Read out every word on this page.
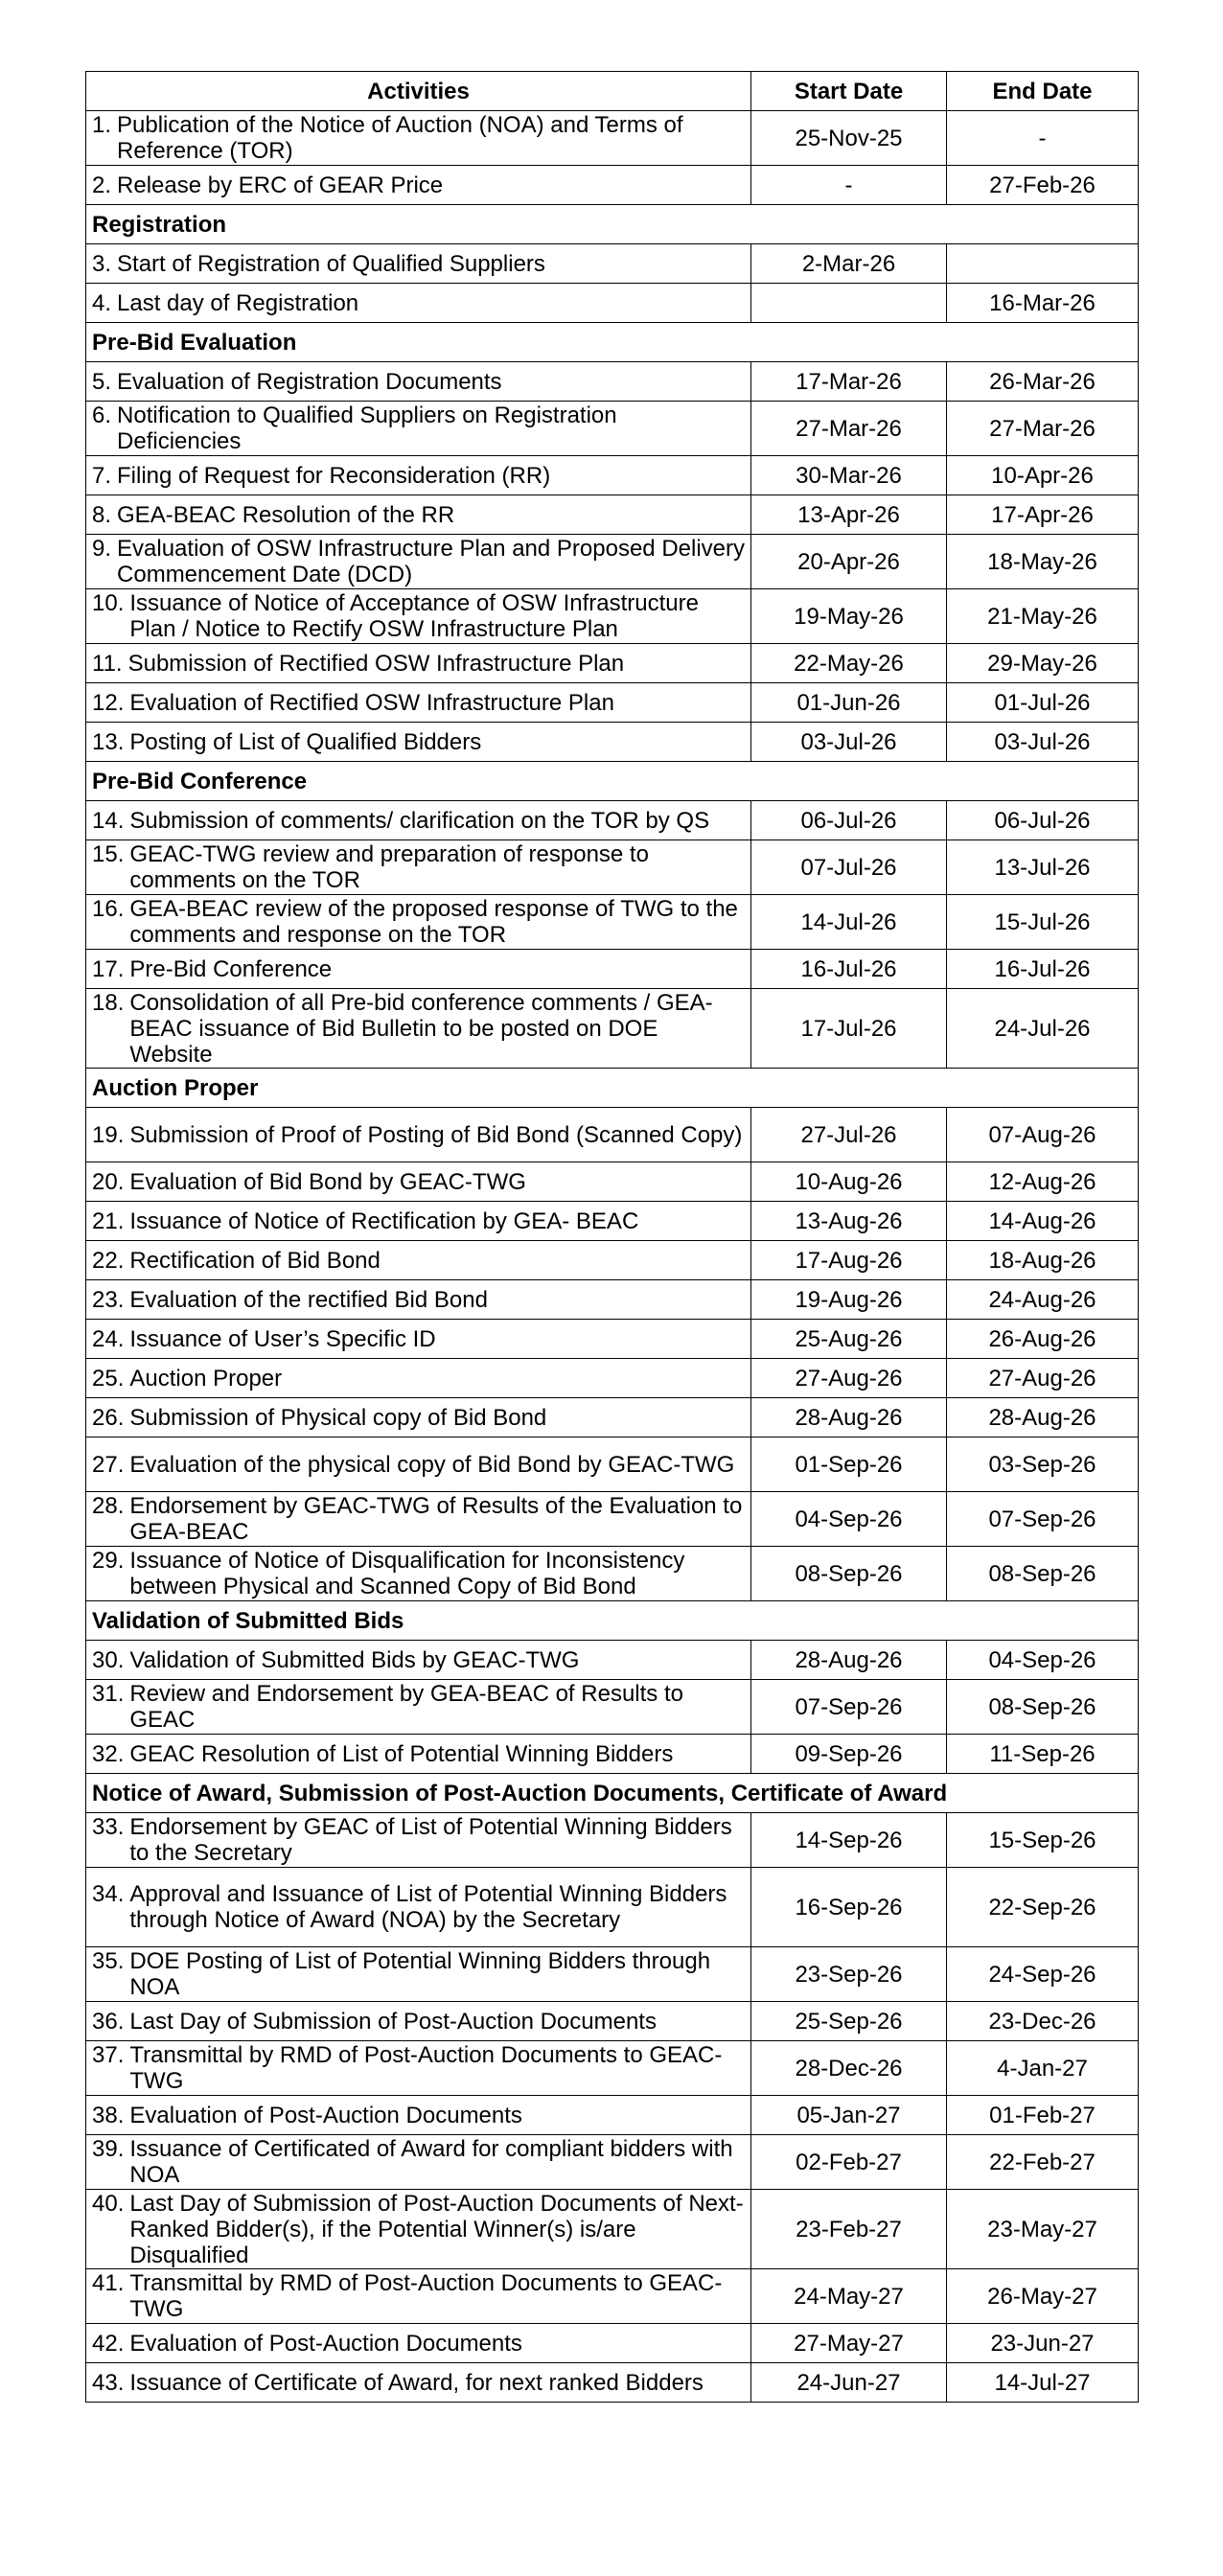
Activities	Start Date	End Date

1. Publication of the Notice of Auction (NOA) and Terms of Reference (TOR)	25-Nov-25	-

2. Release by ERC of GEAR Price	-	27-Feb-26
Registration		

3. Start of Registration of Qualified Suppliers	2-Mar-26	

4. Last day of Registration		16-Mar-26
Pre-Bid Evaluation		

5. Evaluation of Registration Documents	17-Mar-26	26-Mar-26

6. Notification to Qualified Suppliers on Registration Deficiencies	27-Mar-26	27-Mar-26

7. Filing of Request for Reconsideration (RR)	30-Mar-26	10-Apr-26

8. GEA-BEAC Resolution of the RR	13-Apr-26	17-Apr-26

9. Evaluation of OSW Infrastructure Plan and Proposed Delivery Commencement Date (DCD)	20-Apr-26	18-May-26

10. Issuance of Notice of Acceptance of OSW Infrastructure Plan / Notice to Rectify OSW Infrastructure Plan	19-May-26	21-May-26

11. Submission of Rectified OSW Infrastructure Plan	22-May-26	29-May-26

12. Evaluation of Rectified OSW Infrastructure Plan	01-Jun-26	01-Jul-26

13. Posting of List of Qualified Bidders	03-Jul-26	03-Jul-26
Pre-Bid Conference		

14. Submission of comments/ clarification on the TOR by QS	06-Jul-26	06-Jul-26

15. GEAC-TWG review and preparation of response to comments on the TOR	07-Jul-26	13-Jul-26

16. GEA-BEAC review of the proposed response of TWG to the comments and response on the TOR	14-Jul-26	15-Jul-26

17. Pre-Bid Conference	16-Jul-26	16-Jul-26

18. Consolidation of all Pre-bid conference comments / GEA-BEAC issuance of Bid Bulletin to be posted on DOE Website	17-Jul-26	24-Jul-26
Auction Proper		

19. Submission of Proof of Posting of Bid Bond (Scanned Copy)	27-Jul-26	07-Aug-26

20. Evaluation of Bid Bond by GEAC-TWG	10-Aug-26	12-Aug-26

21. Issuance of Notice of Rectification by GEA- BEAC	13-Aug-26	14-Aug-26

22. Rectification of Bid Bond	17-Aug-26	18-Aug-26

23. Evaluation of the rectified Bid Bond	19-Aug-26	24-Aug-26

24. Issuance of User’s Specific ID	25-Aug-26	26-Aug-26

25. Auction Proper	27-Aug-26	27-Aug-26

26. Submission of Physical copy of Bid Bond	28-Aug-26	28-Aug-26

27. Evaluation of the physical copy of Bid Bond by GEAC-TWG	01-Sep-26	03-Sep-26

28. Endorsement by GEAC-TWG of Results of the Evaluation to GEA-BEAC	04-Sep-26	07-Sep-26

29. Issuance of Notice of Disqualification for Inconsistency between Physical and Scanned Copy of Bid Bond	08-Sep-26	08-Sep-26
Validation of Submitted Bids		

30. Validation of Submitted Bids by GEAC-TWG	28-Aug-26	04-Sep-26

31. Review and Endorsement by GEA-BEAC of Results to GEAC	07-Sep-26	08-Sep-26

32. GEAC Resolution of List of Potential Winning Bidders	09-Sep-26	11-Sep-26
Notice of Award, Submission of Post-Auction Documents, Certificate of Award		

33. Endorsement by GEAC of List of Potential Winning Bidders to the Secretary	14-Sep-26	15-Sep-26

34. Approval and Issuance of List of Potential Winning Bidders through Notice of Award (NOA) by the Secretary	16-Sep-26	22-Sep-26

35. DOE Posting of List of Potential Winning Bidders through NOA	23-Sep-26	24-Sep-26

36. Last Day of Submission of Post-Auction Documents	25-Sep-26	23-Dec-26

37. Transmittal by RMD of Post-Auction Documents to GEAC-TWG	28-Dec-26	4-Jan-27

38. Evaluation of Post-Auction Documents	05-Jan-27	01-Feb-27

39. Issuance of Certificated of Award for compliant bidders with NOA	02-Feb-27	22-Feb-27

40. Last Day of Submission of Post-Auction Documents of Next-Ranked Bidder(s), if the Potential Winner(s) is/are Disqualified	23-Feb-27	23-May-27

41. Transmittal by RMD of Post-Auction Documents to GEAC-TWG	24-May-27	26-May-27

42. Evaluation of Post-Auction Documents	27-May-27	23-Jun-27

43. Issuance of Certificate of Award, for next ranked Bidders	24-Jun-27	14-Jul-27
